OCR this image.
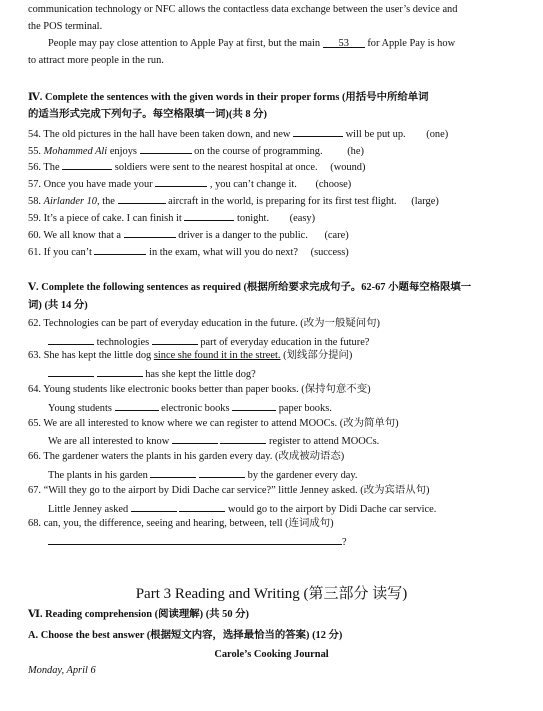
communication technology or NFC allows the contactless data exchange between the user’s device and
the POS terminal.
People may pay close attention to Apple Pay at first, but the main 53 for Apple Pay is how
to attract more people in the run.
Ⅳ. Complete the sentences with the given words in their proper forms (用括号中所给单词
的适当形式完成下列句子。每空格限填一词)(共 8 分)
54. The old pictures in the hall have been taken down, and new	will be put up. (one)
55. Mohammed Ali enjoys	on the course of programming. (he)
56. The	soldiers were sent to the nearest hospital at once. (wound)
57. Once you have made your	, you can’t change it. (choose)
58. Airlander 10, the	aircraft in the world, is preparing for its first test flight. (large)
59. It’s a piece of cake. I can finish it	tonight. (easy)
60. We all know that a	driver is a danger to the public. (care)
61. If you can’t	in the exam, what will you do next? (success)
Ⅴ. Complete the following sentences as required (根据所给要求完成句子。62-67 小题每空格限填一
词) (共 14 分)
62. Technologies can be part of everyday education in the future. (改为一般疑问句)
technologies	part of everyday education in the future?
63. She has kept the little dog since she found it in the street. (划线部分提问)
has she kept the little dog?
64. Young students like electronic books better than paper books. (保持句意不变)
Young students	electronic books	paper books.
65. We are all interested to know where we can register to attend MOOCs. (改为简单句)
We are all interested to know	register to attend MOOCs.
66. The gardener waters the plants in his garden every day. (改成被动语态)
The plants in his garden	by the gardener every day.
67. “Will they go to the airport by Didi Dache car service?” little Jenney asked. (改为宾语从句)
Little Jenney asked	would go to the airport by Didi Dache car service.
68. can, you, the difference, seeing and hearing, between, tell (连词成句)
?
Part 3 Reading and Writing (第三部分 读写)
Ⅵ. Reading comprehension (阅读理解) (共 50 分)
A. Choose the best answer (根据短文内容，选择最恰当的答案) (12 分)
Carole’s Cooking Journal
Monday, April 6
